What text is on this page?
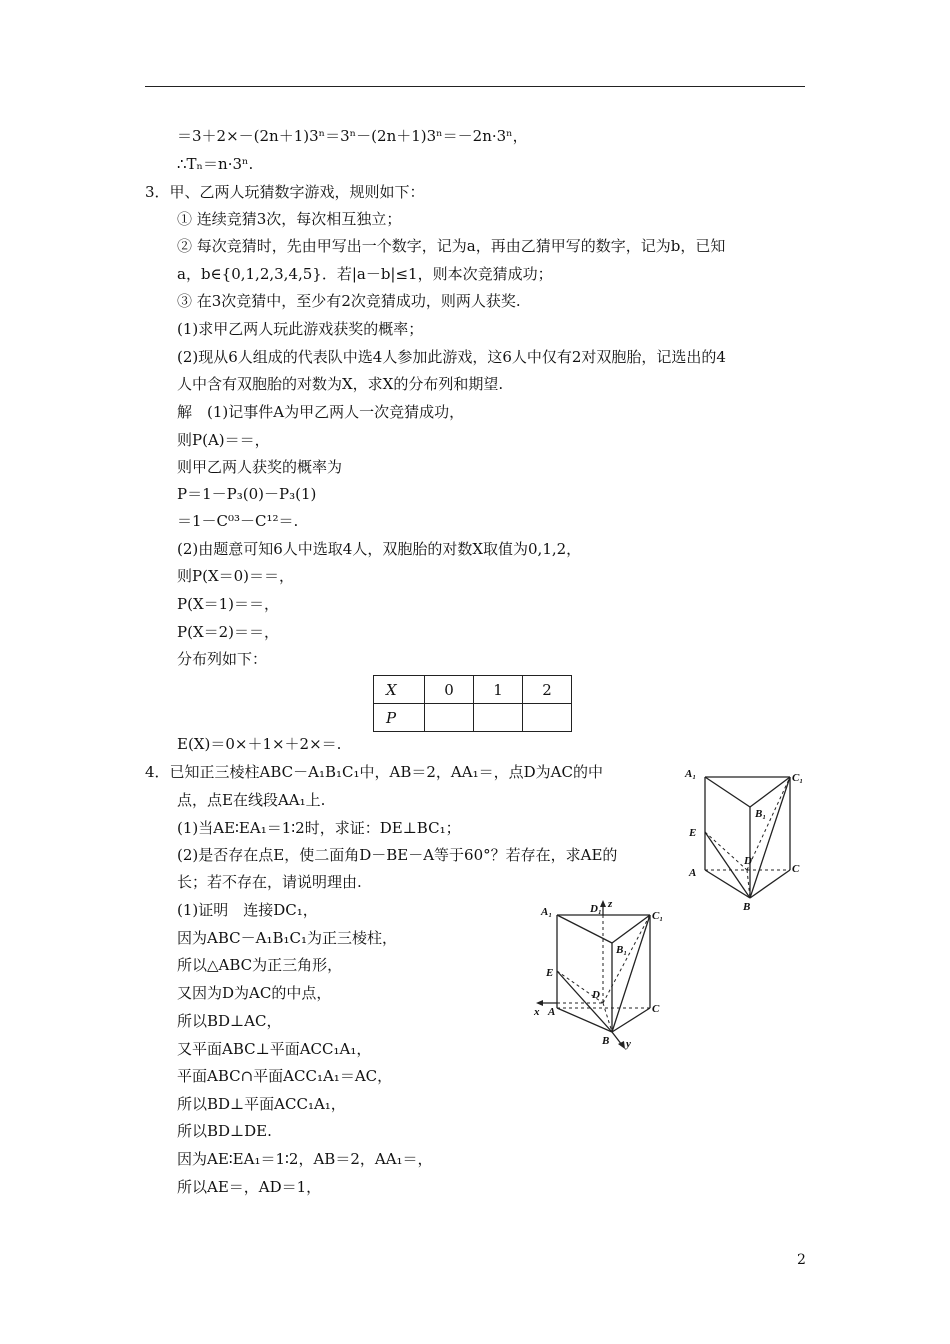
＝3＋2×－(2n＋1)3ⁿ＝3ⁿ－(2n＋1)3ⁿ＝－2n·3ⁿ，
∴Tₙ＝n·3ⁿ.
3．甲、乙两人玩猜数字游戏，规则如下：
① 连续竞猜3次，每次相互独立；
② 每次竞猜时，先由甲写出一个数字，记为a，再由乙猜甲写的数字，记为b，已知
a，b∈{0,1,2,3,4,5}．若|a－b|≤1，则本次竞猜成功；
③ 在3次竞猜中，至少有2次竞猜成功，则两人获奖.
(1)求甲乙两人玩此游戏获奖的概率；
(2)现从6人组成的代表队中选4人参加此游戏，这6人中仅有2对双胞胎，记选出的4
人中含有双胞胎的对数为X，求X的分布列和期望.
解　(1)记事件A为甲乙两人一次竞猜成功，
则P(A)＝＝，
则甲乙两人获奖的概率为
P＝1－P₃(0)－P₃(1)
＝1－C⁰³－C¹²＝.
(2)由题意可知6人中选取4人，双胞胎的对数X取值为0,1,2，
则P(X＝0)＝＝，
P(X＝1)＝＝，
P(X＝2)＝＝，
分布列如下：
X	0	1	2
P			
E(X)＝0×＋1×＋2×＝.
4．已知正三棱柱ABC－A₁B₁C₁中，AB＝2，AA₁＝，点D为AC的中
点，点E在线段AA₁上.
(1)当AE∶EA₁＝1∶2时，求证：DE⊥BC₁；
(2)是否存在点E，使二面角D－BE－A等于60°？若存在，求AE的
长；若不存在，请说明理由.
(1)证明　连接DC₁，
因为ABC－A₁B₁C₁为正三棱柱，
所以△ABC为正三角形，
又因为D为AC的中点，
所以BD⊥AC，
又平面ABC⊥平面ACC₁A₁，
平面ABC∩平面ACC₁A₁＝AC，
所以BD⊥平面ACC₁A₁，
所以BD⊥DE.
因为AE∶EA₁＝1∶2，AB＝2，AA₁＝，
所以AE＝，AD＝1，
A₁	C₁
B₁
E
D
C
A
B
A₁	D₁ z
C₁
B₁
E
D
x A	C
B y
2
